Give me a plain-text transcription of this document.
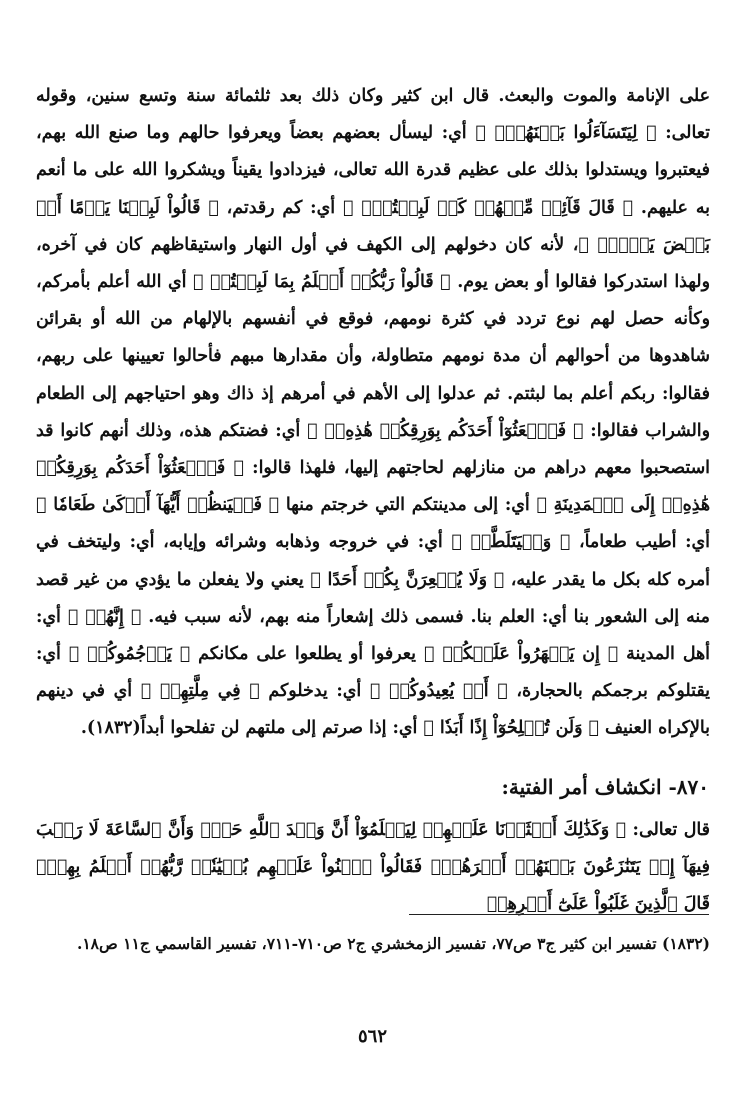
على الإنامة والموت والبعث. قال ابن كثير وكان ذلك بعد ثلثمائة سنة وتسع سنين، وقوله تعالى: ﴿ لِيَتَسَآءَلُوا بَيۡنَهُمۡۚ ﴾ أي: ليسأل بعضهم بعضاً ويعرفوا حالهم وما صنع الله بهم، فيعتبروا ويستدلوا بذلك على عظيم قدرة الله تعالى، فيزدادوا يقيناً ويشكروا الله على ما أنعم به عليهم. ﴿ قَالَ قَآئِلٞ مِّنۡهُمۡ كَمۡ لَبِثۡتُمۡۖ ﴾ أي: كم رقدتم، ﴿ قَالُواْ لَبِثۡنَا يَوۡمًا أَوۡ بَعۡضَ يَوۡمٖۚ ﴾، لأنه كان دخولهم إلى الكهف في أول النهار واستيقاظهم كان في آخره، ولهذا استدركوا فقالوا أو بعض يوم. ﴿ قَالُواْ رَبُّكُمۡ أَعۡلَمُ بِمَا لَبِثۡتُمۡ ﴾ أي الله أعلم بأمركم، وكأنه حصل لهم نوع تردد في كثرة نومهم، فوقع في أنفسهم بالإلهام من الله أو بقرائن شاهدوها من أحوالهم أن مدة نومهم متطاولة، وأن مقدارها مبهم فأحالوا تعيينها على ربهم، فقالوا: ربكم أعلم بما لبثتم. ثم عدلوا إلى الأهم في أمرهم إذ ذاك وهو احتياجهم إلى الطعام والشراب فقالوا: ﴿ فَٱبۡعَثُوٓاْ أَحَدَكُم بِوَرِقِكُمۡ هَٰذِهِۦٓ ﴾ أي: فضتكم هذه، وذلك أنهم كانوا قد استصحبوا معهم دراهم من منازلهم لحاجتهم إليها، فلهذا قالوا: ﴿ فَٱبۡعَثُوٓاْ أَحَدَكُم بِوَرِقِكُمۡ هَٰذِهِۦٓ إِلَى ٱلۡمَدِينَةِ ﴾ أي: إلى مدينتكم التي خرجتم منها ﴿ فَلۡيَنظُرۡ أَيُّهَآ أَزۡكَىٰ طَعَامٗا ﴾ أي: أطيب طعاماً، ﴿ وَلۡيَتَلَطَّفۡ ﴾ أي: في خروجه وذهابه وشرائه وإيابه، أي: وليتخف في أمره كله بكل ما يقدر عليه، ﴿ وَلَا يُشۡعِرَنَّ بِكُمۡ أَحَدًا ﴾ يعني ولا يفعلن ما يؤدي من غير قصد منه إلى الشعور بنا أي: العلم بنا. فسمى ذلك إشعاراً منه بهم، لأنه سبب فيه. ﴿ إِنَّهُمۡ ﴾ أي: أهل المدينة ﴿ إِن يَظۡهَرُواْ عَلَيۡكُمۡ ﴾ يعرفوا أو يطلعوا على مكانكم ﴿ يَرۡجُمُوكُمۡ ﴾ أي: يقتلوكم برجمكم بالحجارة، ﴿ أَوۡ يُعِيدُوكُمۡ ﴾ أي: يدخلوكم ﴿ فِي مِلَّتِهِمۡ ﴾ أي في دينهم بالإكراه العنيف ﴿ وَلَن تُفۡلِحُوٓاْ إِذًا أَبَدٗا ﴾ أي: إذا صرتم إلى ملتهم لن تفلحوا أبداً(١٨٣٢).

٨٧٠- انكشاف أمر الفتية:
قال تعالى: ﴿ وَكَذَٰلِكَ أَعۡثَرۡنَا عَلَيۡهِمۡ لِيَعۡلَمُوٓاْ أَنَّ وَعۡدَ ٱللَّهِ حَقّٞ وَأَنَّ ٱلسَّاعَةَ لَا رَيۡبَ فِيهَآ إِذۡ يَتَنَٰزَعُونَ بَيۡنَهُمۡ أَمۡرَهُمۡۖ فَقَالُواْ ٱبۡنُواْ عَلَيۡهِم بُنۡيَٰنٗاۖ رَّبُّهُمۡ أَعۡلَمُ بِهِمۡۚ قَالَ ٱلَّذِينَ غَلَبُواْ عَلَىٰٓ أَمۡرِهِمۡ
(١٨٣٢) تفسير ابن كثير ج٣ ص٧٧، تفسير الزمخشري ج٢ ص٧١٠-٧١١، تفسير القاسمي ج١١ ص١٨.
٥٦٢
